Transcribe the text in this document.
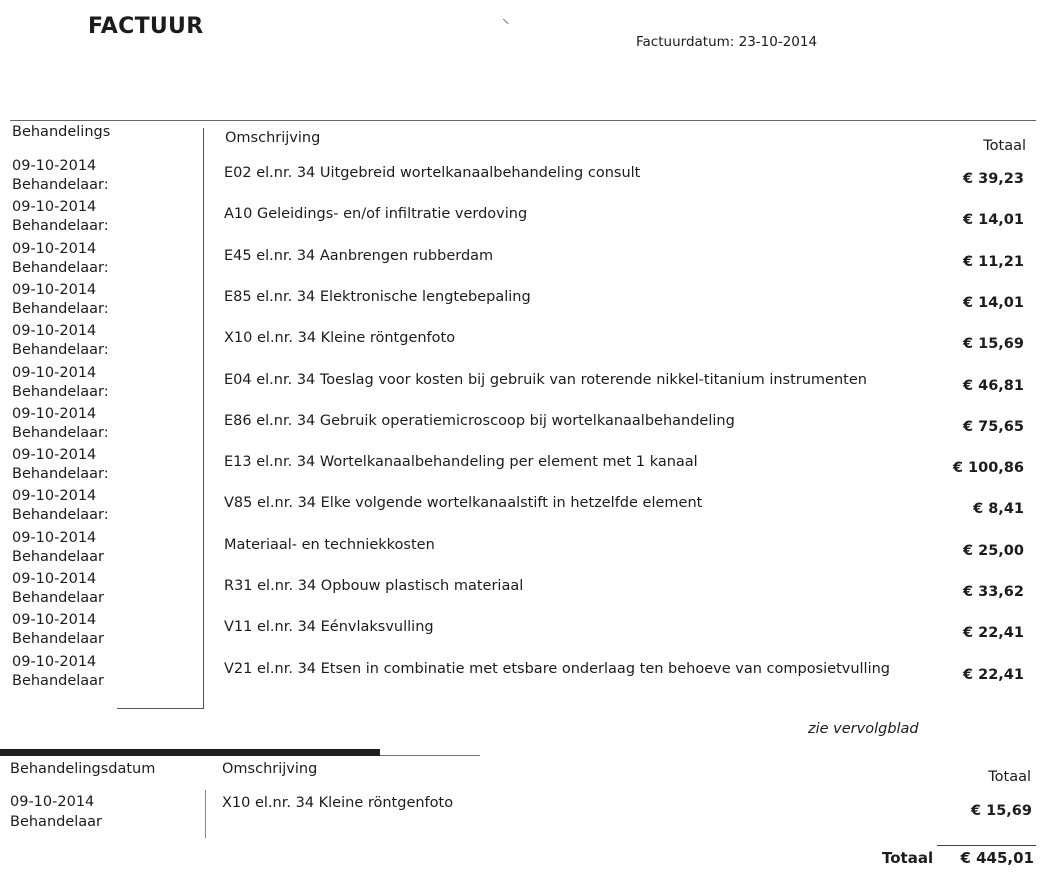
FACTUUR
Factuurdatum: 23-10-2014
⸜
Behandelings	Omschrijving	Totaal
09-10-2014
Behandelaar:
E02 el.nr. 34 Uitgebreid wortelkanaalbehandeling consult	€ 39,23
09-10-2014
Behandelaar:
A10 Geleidings- en/of infiltratie verdoving	€ 14,01
09-10-2014
Behandelaar:
E45 el.nr. 34 Aanbrengen rubberdam	€ 11,21
09-10-2014
Behandelaar:
E85 el.nr. 34 Elektronische lengtebepaling	€ 14,01
09-10-2014
Behandelaar:
X10 el.nr. 34 Kleine röntgenfoto	€ 15,69
09-10-2014
Behandelaar:
E04 el.nr. 34 Toeslag voor kosten bij gebruik van roterende nikkel-titanium instrumenten	€ 46,81
09-10-2014
Behandelaar:
E86 el.nr. 34 Gebruik operatiemicroscoop bij wortelkanaalbehandeling	€ 75,65
09-10-2014
Behandelaar:
E13 el.nr. 34 Wortelkanaalbehandeling per element met 1 kanaal	€ 100,86
09-10-2014
Behandelaar:
V85 el.nr. 34 Elke volgende wortelkanaalstift in hetzelfde element	€ 8,41
09-10-2014
Behandelaar
Materiaal- en techniekkosten	€ 25,00
09-10-2014
Behandelaar
R31 el.nr. 34 Opbouw plastisch materiaal	€ 33,62
09-10-2014
Behandelaar
V11 el.nr. 34 Eénvlaksvulling	€ 22,41
09-10-2014
Behandelaar
V21 el.nr. 34 Etsen in combinatie met etsbare onderlaag ten behoeve van composietvulling	€ 22,41
zie vervolgblad
Behandelingsdatum	Omschrijving	Totaal
09-10-2014
Behandelaar
X10 el.nr. 34 Kleine röntgenfoto	€ 15,69
Totaal € 445,01
